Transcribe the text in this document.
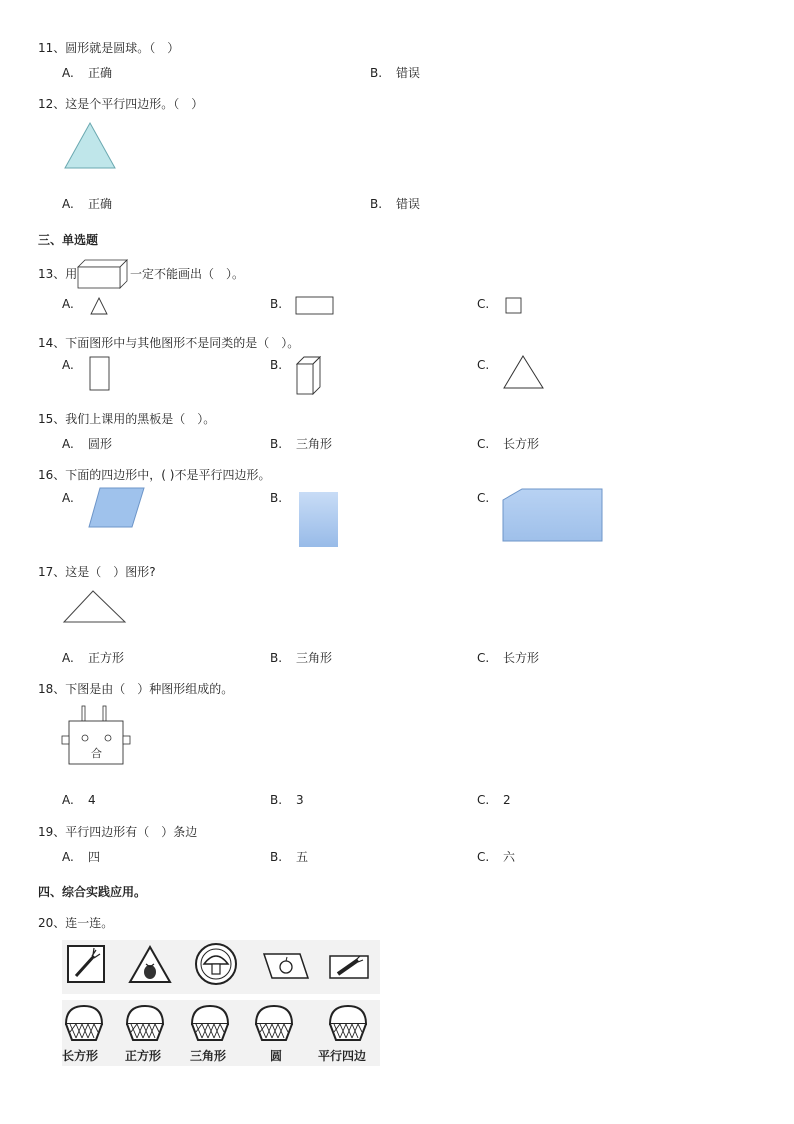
11、圆形就是圆球。（　）
A. 正确	B. 错误
12、这是个平行四边形。（　）
A. 正确	B. 错误
三、单选题
13、用	一定不能画出（　）。
A.	B.	C.
14、下面图形中与其他图形不是同类的是（　）。
A.	B.	C.
15、我们上课用的黑板是（　）。
A. 圆形	B. 三角形	C. 长方形
16、下面的四边形中，( )不是平行四边形。
A.	B.	C.
17、这是（　）图形?
A. 正方形	B. 三角形	C. 长方形
18、下图是由（　）种图形组成的。
合
A. 4	B. 3	C. 2
19、平行四边形有（　）条边
A. 四	B. 五	C. 六
四、综合实践应用。
20、连一连。
长方形 正方形 三角形	圆	平行四边
